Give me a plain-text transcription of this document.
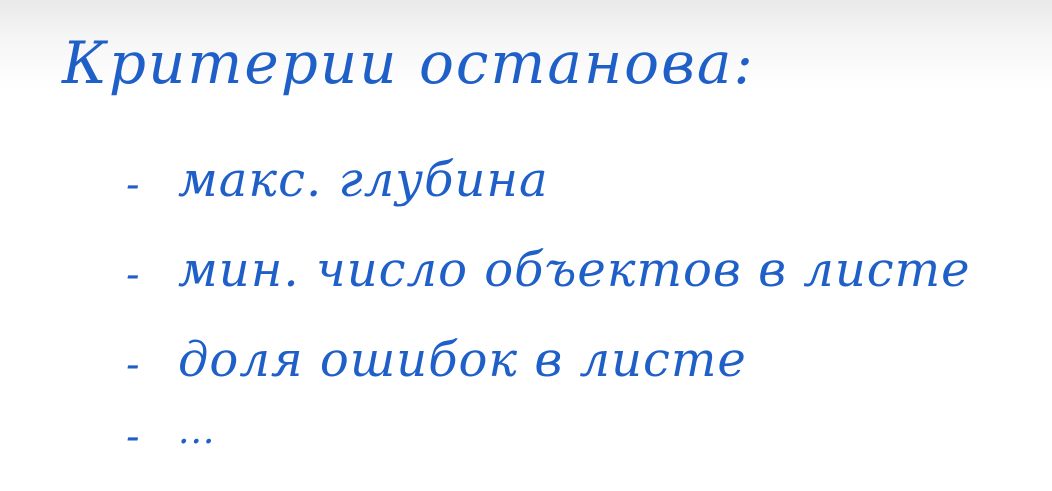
Критерии останова:
- макс. глубина
- мин. число объектов в листе
- доля ошибок в листе
- ...
